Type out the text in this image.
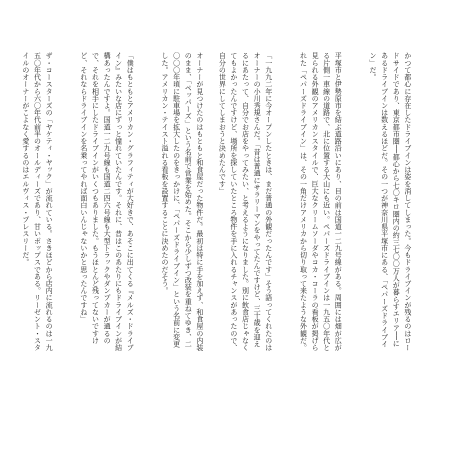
かつて都心に存在したドライブインは姿を消してしまった。今もドライブインが残るのはロードサイドであり、東京都市圏──都心から七〇キロ圏内の約三七〇〇万人が暮らすエリア──にあるドライブインは数えるほどだ。その一つが神奈川県平塚市にある、「ペパーズドライブイン」だ。

平塚市と伊勢原市を結ぶ道路沿いにあり、目の前は国道一二九号線がある。周囲には畑が広がる片側一車線の道路で、北に位置する大山にも近い。ペパーズドライブインは一九五〇年代と見られる外観のアメリカンスタイルで、巨大なクリームソーダやコカ・コーラの看板が掲げられた「ペパーズドライブイン」は、その一角だけアメリカから切り取って来たような外観だ。

「一九九二年に今オープンしたときは、まだ普通の外観だったんです」そう語ってくれたのはオーナーの小川秀規さんだ。「昔は普通にサラリーマンをやってたんですけど、三十歳を迎えるにあたって、自分でお店をやってみたい、と考えるようになりました。別に飲食店じゃなくてもよかったんですけど、場所を探していたところ物件を手に入れるチャンスがあったので、自分の世界にしてしまおうと決めたんです」

オーナーが見つけたのはもともと和食屋だった物件だ。最初は特に手を加えず、和食屋の内装のまま、「ペッパーズ」という名前で営業を始めた。そこから少しずつ改装を重ねてゆき、二〇〇〇年頃に駐車場を拡大したのをきっかけに、「ペパーズドライブイン」という名前に変更した。アメリカン・テイスト溢れる看板を設置することに決めたのだそう。

「僕はもともとアメリカン・グラフィティが大好きで、あそこに出てくる『メルズ・ドライブイン』みたいな店にずっと憧れていたんです。それに、昔はこのあたりにもドライブインが結構あったんですよ。国道一二九号線も国道二四六号線も大型トラックやダンプカーが通るので、それを相手にしたドライブインがいくつもありました。もうほとんど残ってないですけど、それならドライブインを名乗ってやれば面白いんじゃないかと思ったんですね」

ザ・コースターズの「ヤケティ・ヤック」が流れている。さきほどから店内に流れるのは一九五〇年代から六〇年代前半のオールディーズであり、甘いポップスである。リーゼント・スタイルのオーナーがこよなく愛するのはエルヴィス・プレスリーだ。
